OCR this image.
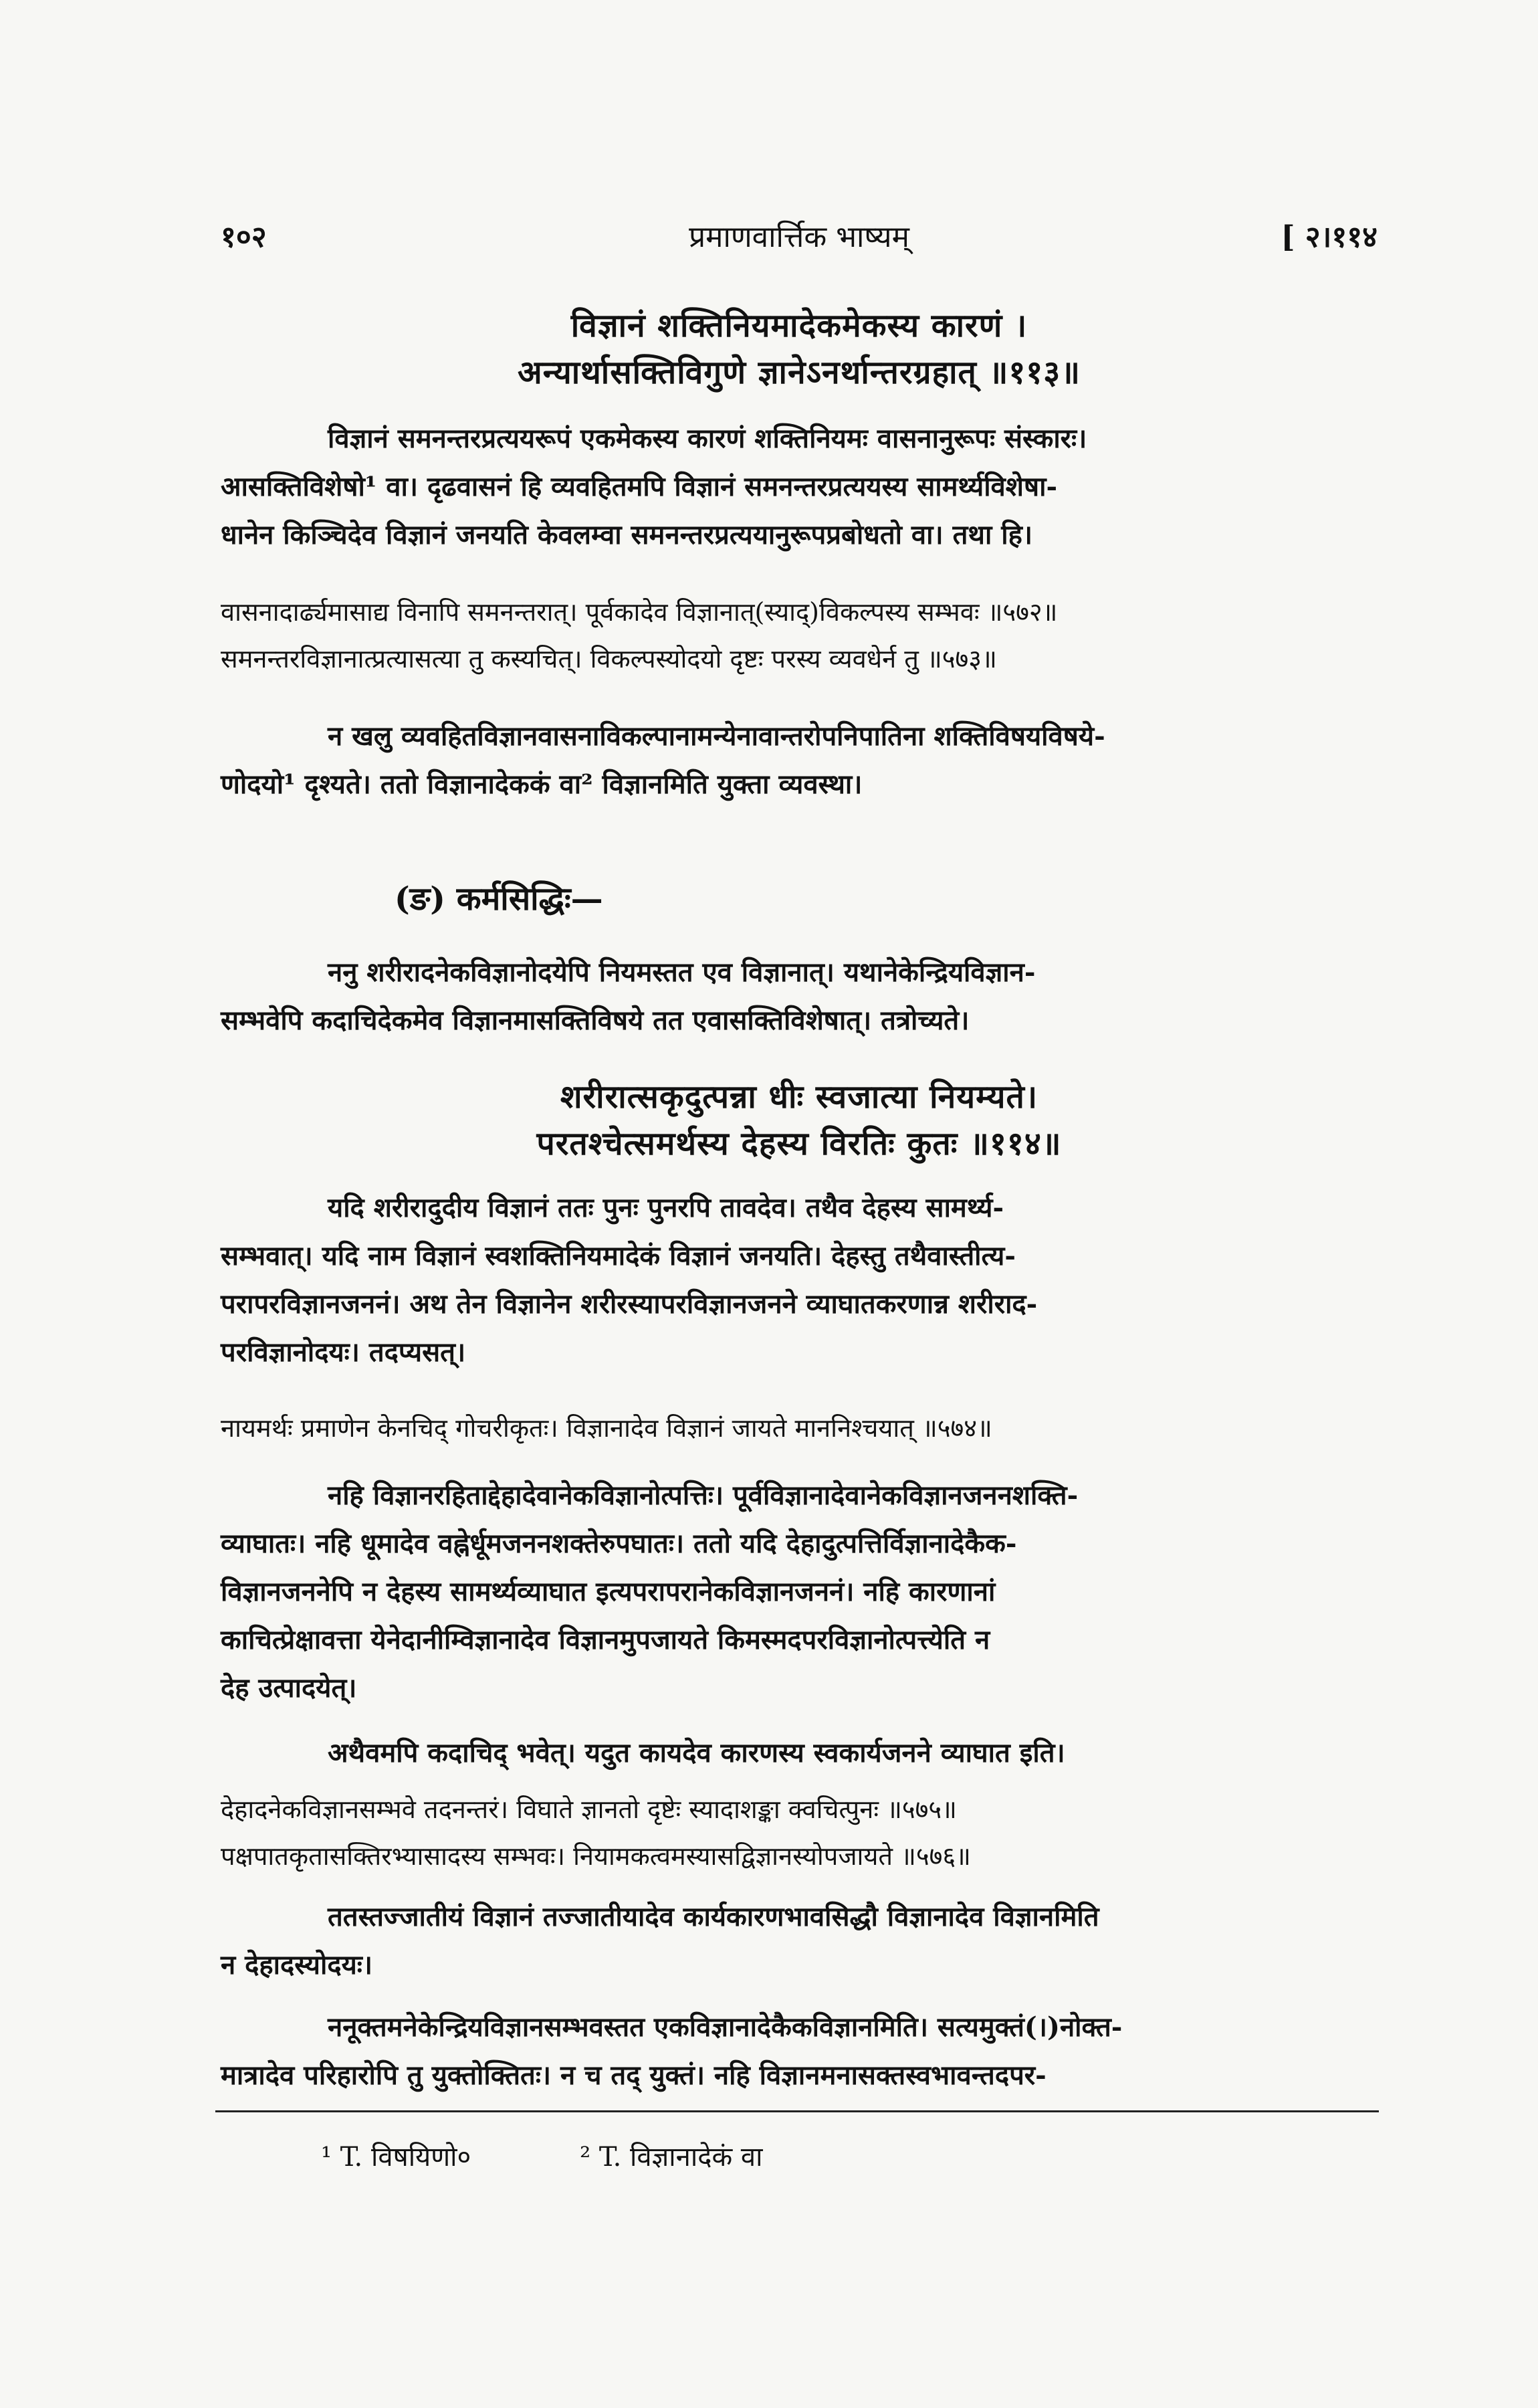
१०२	प्रमाणवार्त्तिक भाष्यम्	[ २।११४
विज्ञानं शक्तिनियमादेकमेकस्य कारणं ।
अन्यार्थासक्तिविगुणे ज्ञानेऽनर्थान्तरग्रहात् ॥११३॥

विज्ञानं समनन्तरप्रत्ययरूपं एकमेकस्य कारणं शक्तिनियमः वासनानुरूपः संस्कारः।

आसक्तिविशेषो¹ वा। दृढवासनं हि व्यवहितमपि विज्ञानं समनन्तरप्रत्ययस्य सामर्थ्यविशेषा-

धानेन किञ्चिदेव विज्ञानं जनयति केवलम्वा समनन्तरप्रत्ययानुरूपप्रबोधतो वा। तथा हि।

वासनादार्ढ्यमासाद्य विनापि समनन्तरात्। पूर्वकादेव विज्ञानात्(स्याद्)विकल्पस्य सम्भवः ॥५७२॥

समनन्तरविज्ञानात्प्रत्यासत्या तु कस्यचित्। विकल्पस्योदयो दृष्टः परस्य व्यवधेर्न तु ॥५७३॥

न खलु व्यवहितविज्ञानवासनाविकल्पानामन्येनावान्तरोपनिपातिना शक्तिविषयविषये-

णोदयो¹ दृश्यते। ततो विज्ञानादेककं वा² विज्ञानमिति युक्ता व्यवस्था।

(ङ) कर्मसिद्धिः—

ननु शरीरादनेकविज्ञानोदयेपि नियमस्तत एव विज्ञानात्। यथानेकेन्द्रियविज्ञान-

सम्भवेपि कदाचिदेकमेव विज्ञानमासक्तिविषये तत एवासक्तिविशेषात्। तत्रोच्यते।

शरीरात्सकृदुत्पन्ना धीः स्वजात्या नियम्यते।
परतश्चेत्समर्थस्य देहस्य विरतिः कुतः ॥११४॥

यदि शरीरादुदीय विज्ञानं ततः पुनः पुनरपि तावदेव। तथैव देहस्य सामर्थ्य-

सम्भवात्। यदि नाम विज्ञानं स्वशक्तिनियमादेकं विज्ञानं जनयति। देहस्तु तथैवास्तीत्य-

परापरविज्ञानजननं। अथ तेन विज्ञानेन शरीरस्यापरविज्ञानजनने व्याघातकरणान्न शरीराद-

परविज्ञानोदयः। तदप्यसत्।

नायमर्थः प्रमाणेन केनचिद् गोचरीकृतः। विज्ञानादेव विज्ञानं जायते माननिश्चयात् ॥५७४॥

नहि विज्ञानरहिताद्देहादेवानेकविज्ञानोत्पत्तिः। पूर्वविज्ञानादेवानेकविज्ञानजननशक्ति-

व्याघातः। नहि धूमादेव वह्नेर्धूमजननशक्तेरुपघातः। ततो यदि देहादुत्पत्तिर्विज्ञानादेकैक-

विज्ञानजननेपि न देहस्य सामर्थ्यव्याघात इत्यपरापरानेकविज्ञानजननं। नहि कारणानां

काचित्प्रेक्षावत्ता येनेदानीम्विज्ञानादेव विज्ञानमुपजायते किमस्मदपरविज्ञानोत्पत्त्येति न

देह उत्पादयेत्।

अथैवमपि कदाचिद् भवेत्। यदुत कायदेव कारणस्य स्वकार्यजनने व्याघात इति।

देहादनेकविज्ञानसम्भवे तदनन्तरं। विघाते ज्ञानतो दृष्टेः स्यादाशङ्का क्वचित्पुनः ॥५७५॥

पक्षपातकृतासक्तिरभ्यासादस्य सम्भवः। नियामकत्वमस्यासद्विज्ञानस्योपजायते ॥५७६॥

ततस्तज्जातीयं विज्ञानं तज्जातीयादेव कार्यकारणभावसिद्धौ विज्ञानादेव विज्ञानमिति

न देहादस्योदयः।

ननूक्तमनेकेन्द्रियविज्ञानसम्भवस्तत एकविज्ञानादेकैकविज्ञानमिति। सत्यमुक्तं(।)नोक्त-

मात्रादेव परिहारोपि तु युक्तोक्तितः। न च तद् युक्तं। नहि विज्ञानमनासक्तस्वभावन्तदपर-

¹ T. विषयिणो०	² T. विज्ञानादेकं वा
